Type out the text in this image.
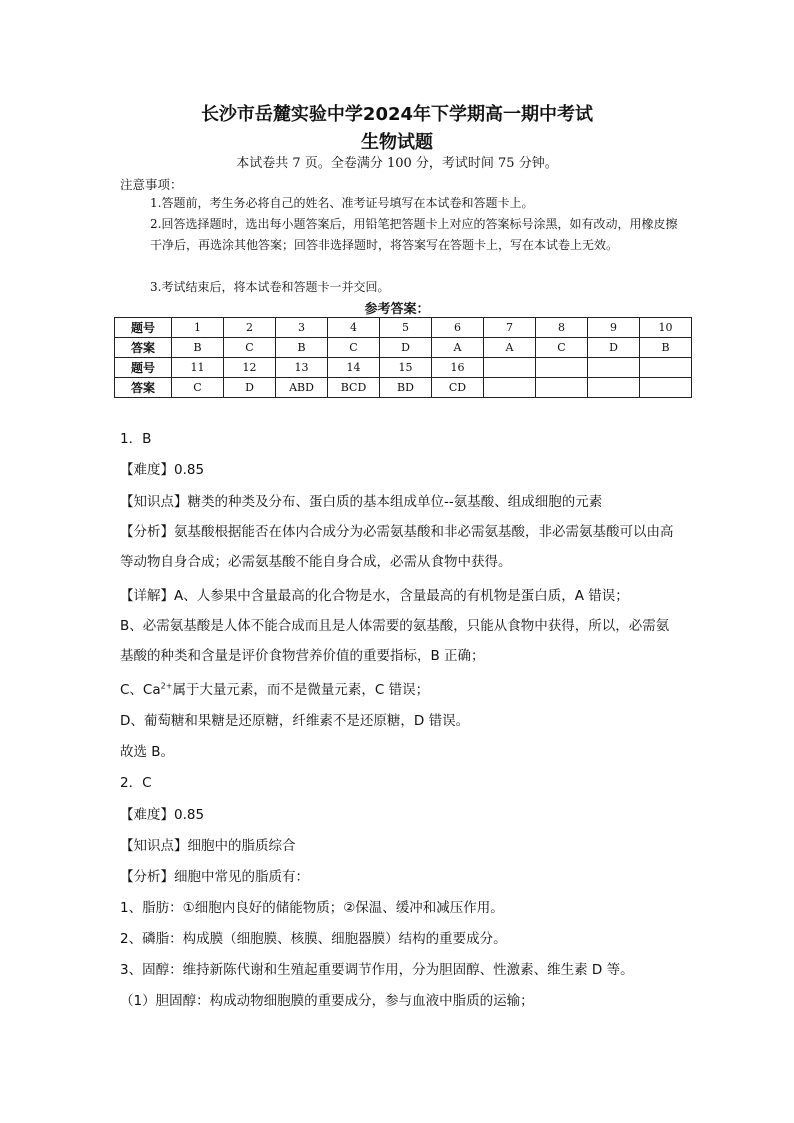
长沙市岳麓实验中学2024年下学期高一期中考试
生物试题
本试卷共 7 页。全卷满分 100 分，考试时间 75 分钟。
注意事项：
1.答题前，考生务必将自己的姓名、准考证号填写在本试卷和答题卡上。
2.回答选择题时，选出每小题答案后，用铅笔把答题卡上对应的答案标号涂黑，如有改动，用橡皮擦干净后，再选涂其他答案；回答非选择题时，将答案写在答题卡上，写在本试卷上无效。
3.考试结束后，将本试卷和答题卡一并交回。
参考答案：
题号	1	2	3	4	5	6	7	8	9	10
答案	B	C	B	C	D	A	A	C	D	B
题号	11	12	13	14	15	16				
答案	C	D	ABD	BCD	BD	CD				
1．B
【难度】0.85
【知识点】糖类的种类及分布、蛋白质的基本组成单位--氨基酸、组成细胞的元素
【分析】氨基酸根据能否在体内合成分为必需氨基酸和非必需氨基酸，非必需氨基酸可以由高等动物自身合成；必需氨基酸不能自身合成，必需从食物中获得。
【详解】A、人参果中含量最高的化合物是水，含量最高的有机物是蛋白质，A 错误；
B、必需氨基酸是人体不能合成而且是人体需要的氨基酸，只能从食物中获得，所以，必需氨基酸的种类和含量是评价食物营养价值的重要指标，B 正确；
C、$Ca^{2+}$属于大量元素，而不是微量元素，C 错误；
D、葡萄糖和果糖是还原糖，纤维素不是还原糖，D 错误。
故选 B。
2．C
【难度】0.85
【知识点】细胞中的脂质综合
【分析】细胞中常见的脂质有：
1、脂肪：①细胞内良好的储能物质；②保温、缓冲和减压作用。
2、磷脂：构成膜（细胞膜、核膜、细胞器膜）结构的重要成分。
3、固醇：维持新陈代谢和生殖起重要调节作用，分为胆固醇、性激素、维生素 D 等。
（1）胆固醇：构成动物细胞膜的重要成分，参与血液中脂质的运输；
